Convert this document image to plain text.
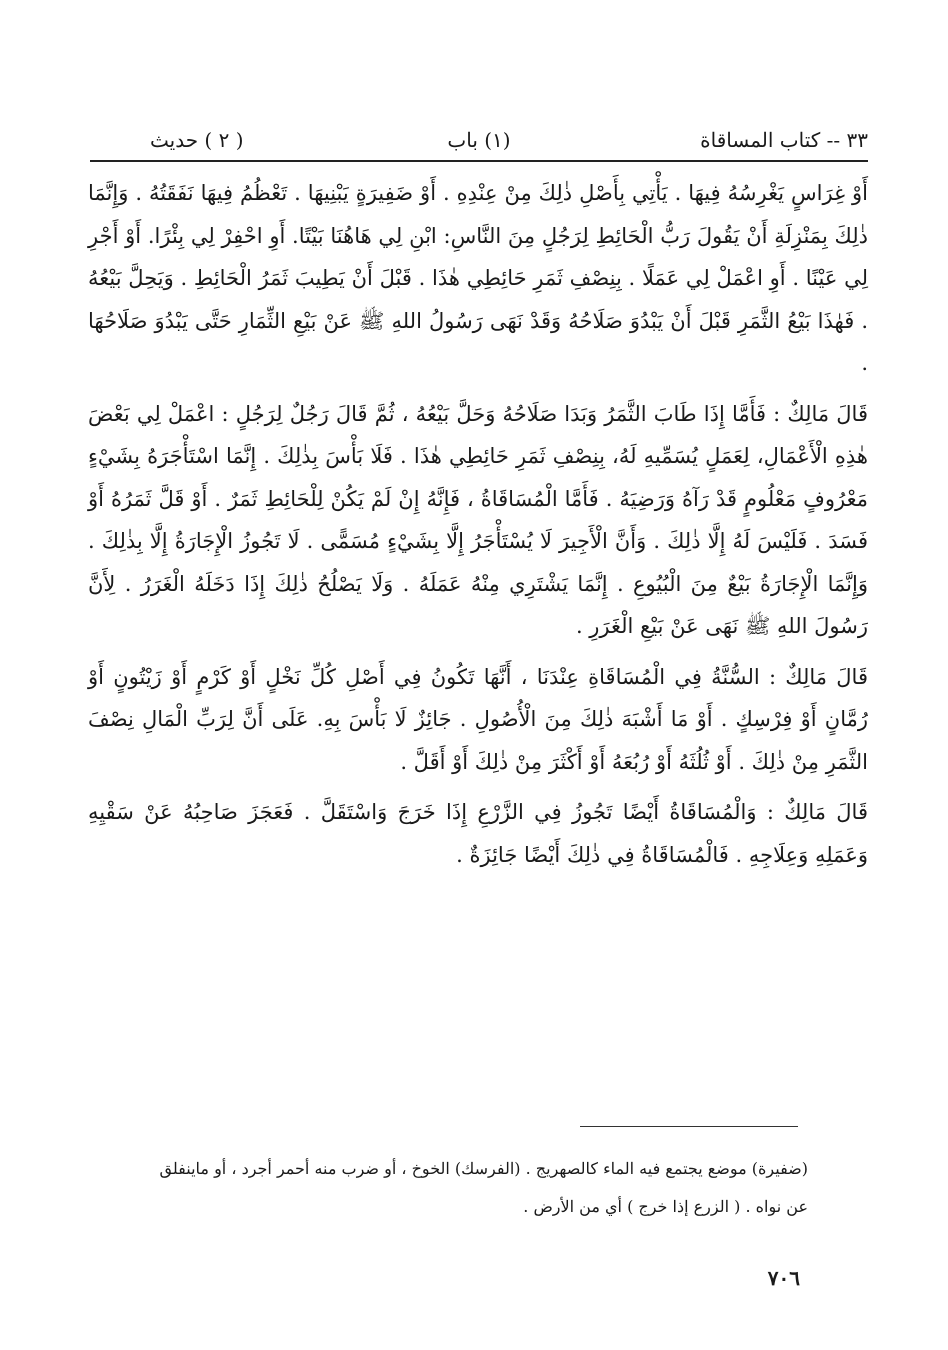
٣٣ -- كتاب المساقاة
(١) باب
( ٢ ) حديث

أَوْ غِرَاسٍ يَغْرِسُهُ فِيهَا . يَأْتِي بِأَصْلِ ذٰلِكَ مِنْ عِنْدِهِ . أَوْ ضَفِيرَةٍ يَبْنِيهَا . تَعْظُمُ فِيهَا نَفَقَتُهُ . وَإِنَّمَا ذٰلِكَ بِمَنْزِلَةِ أَنْ يَقُولَ رَبُّ الْحَائِطِ لِرَجُلٍ مِنَ النَّاسِ: ابْنِ لِي هَاهُنَا بَيْتًا. أَوِ احْفِرْ لِي بِئْرًا. أَوْ أَجْرِ لِي عَيْنًا . أَوِ اعْمَلْ لِي عَمَلًا . بِنِصْفِ ثَمَرِ حَائِطِي هٰذَا . قَبْلَ أَنْ يَطِيبَ ثَمَرُ الْحَائِطِ . وَيَحِلَّ بَيْعُهُ . فَهٰذَا بَيْعُ الثَّمَرِ قَبْلَ أَنْ يَبْدُوَ صَلَاحُهُ وَقَدْ نَهَى رَسُولُ اللهِ ﷺ عَنْ بَيْعِ الثِّمَارِ حَتَّى يَبْدُوَ صَلَاحُهَا .

قَالَ مَالِكٌ : فَأَمَّا إِذَا طَابَ الثَّمَرُ وَبَدَا صَلَاحُهُ وَحَلَّ بَيْعُهُ ، ثُمَّ قَالَ رَجُلٌ لِرَجُلٍ : اعْمَلْ لِي بَعْضَ هٰذِهِ الْأَعْمَالِ، لِعَمَلٍ يُسَمِّيهِ لَهُ، بِنِصْفِ ثَمَرِ حَائِطِي هٰذَا . فَلَا بَأْسَ بِذٰلِكَ . إِنَّمَا اسْتَأْجَرَهُ بِشَيْءٍ مَعْرُوفٍ مَعْلُومٍ قَدْ رَآهُ وَرَضِيَهُ . فَأَمَّا الْمُسَاقَاةُ ، فَإِنَّهُ إِنْ لَمْ يَكُنْ لِلْحَائِطِ ثَمَرٌ . أَوْ قَلَّ ثَمَرُهُ أَوْ فَسَدَ . فَلَيْسَ لَهُ إِلَّا ذٰلِكَ . وَأَنَّ الْأَجِيرَ لَا يُسْتَأْجَرُ إِلَّا بِشَيْءٍ مُسَمًّى . لَا تَجُوزُ الْإِجَارَةُ إِلَّا بِذٰلِكَ . وَإِنَّمَا الْإِجَارَةُ بَيْعٌ مِنَ الْبُيُوعِ . إِنَّمَا يَشْتَرِي مِنْهُ عَمَلَهُ . وَلَا يَصْلُحُ ذٰلِكَ إِذَا دَخَلَهُ الْغَرَرُ . لِأَنَّ رَسُولَ اللهِ ﷺ نَهَى عَنْ بَيْعِ الْغَرَرِ .

قَالَ مَالِكٌ : السُّنَّةُ فِي الْمُسَاقَاةِ عِنْدَنَا ، أَنَّهَا تَكُونُ فِي أَصْلِ كُلِّ نَخْلٍ أَوْ كَرْمٍ أَوْ زَيْتُونٍ أَوْ رُمَّانٍ أَوْ فِرْسِكٍ . أَوْ مَا أَشْبَهَ ذٰلِكَ مِنَ الْأُصُولِ . جَائِزٌ لَا بَأْسَ بِهِ. عَلَى أَنَّ لِرَبِّ الْمَالِ نِصْفَ الثَّمَرِ مِنْ ذٰلِكَ . أَوْ ثُلُثَهُ أَوْ رُبُعَهُ أَوْ أَكْثَرَ مِنْ ذٰلِكَ أَوْ أَقَلَّ .

قَالَ مَالِكٌ : وَالْمُسَاقَاةُ أَيْضًا تَجُوزُ فِي الزَّرْعِ إِذَا خَرَجَ وَاسْتَقَلَّ . فَعَجَزَ صَاحِبُهُ عَنْ سَقْيِهِ وَعَمَلِهِ وَعِلَاجِهِ . فَالْمُسَاقَاةُ فِي ذٰلِكَ أَيْضًا جَائِزَةٌ .

(ضفيرة) موضع يجتمع فيه الماء كالصهريج . (الفرسك) الخوخ ، أو ضرب منه أحمر أجرد ، أو ماينفلق

عن نواه . ( الزرع إذا خرج ) أي من الأرض .

٧٠٦
